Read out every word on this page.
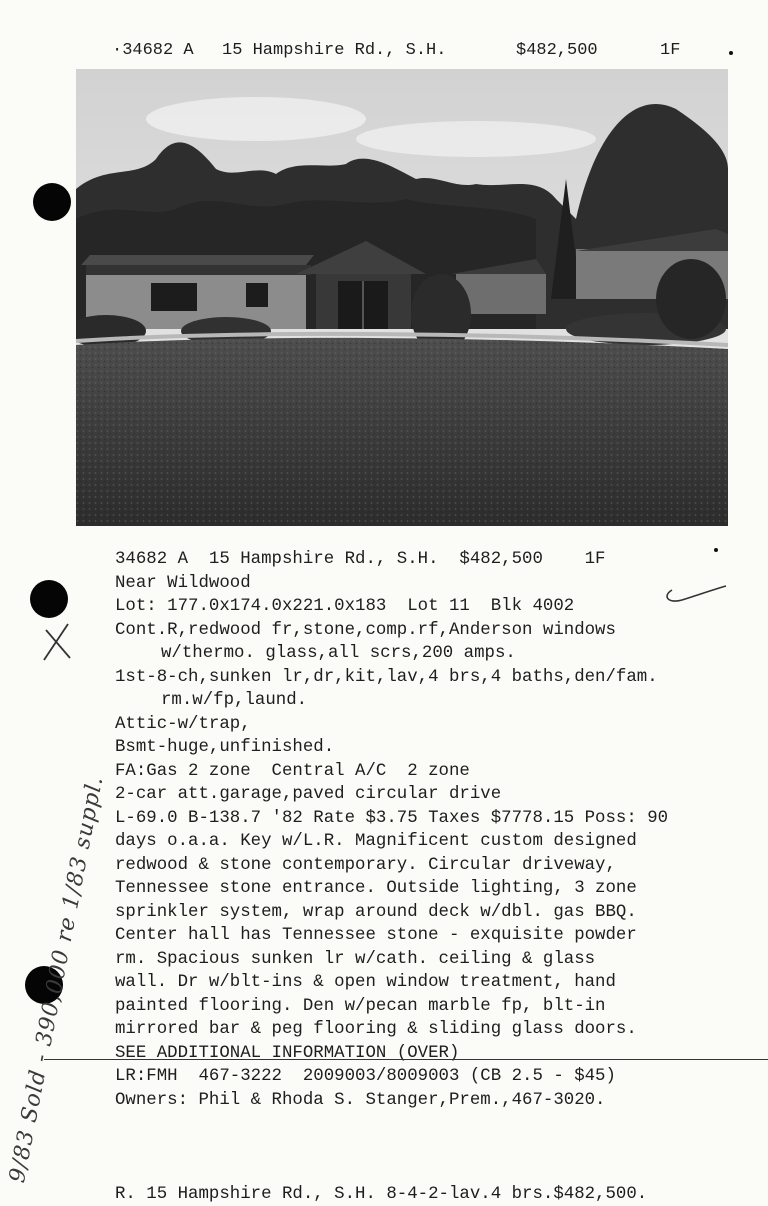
·34682 A 15 Hampshire Rd., S.H.	$482,500	1F
34682 A  15 Hampshire Rd., S.H.  $482,500    1F
Near Wildwood
Lot: 177.0x174.0x221.0x183  Lot 11  Blk 4002
Cont.R,redwood fr,stone,comp.rf,Anderson windows
w/thermo. glass,all scrs,200 amps.
1st-8-ch,sunken lr,dr,kit,lav,4 brs,4 baths,den/fam.
rm.w/fp,laund.
Attic-w/trap,
Bsmt-huge,unfinished.
FA:Gas 2 zone  Central A/C  2 zone
2-car att.garage,paved circular drive
L-69.0 B-138.7 '82 Rate $3.75 Taxes $7778.15 Poss: 90
days o.a.a. Key w/L.R. Magnificent custom designed
redwood & stone contemporary. Circular driveway,
Tennessee stone entrance. Outside lighting, 3 zone
sprinkler system, wrap around deck w/dbl. gas BBQ.
Center hall has Tennessee stone - exquisite powder
rm. Spacious sunken lr w/cath. ceiling & glass
wall. Dr w/blt-ins & open window treatment, hand
painted flooring. Den w/pecan marble fp, blt-in
mirrored bar & peg flooring & sliding glass doors.
SEE ADDITIONAL INFORMATION (OVER)
LR:FMH  467-3222  2009003/8009003 (CB 2.5 - $45)
Owners: Phil & Rhoda S. Stanger,Prem.,467-3020.
9/83 Sold - 390,000 re 1/83 suppl.
R. 15 Hampshire Rd., S.H. 8-4-2-lav.4 brs.$482,500.
